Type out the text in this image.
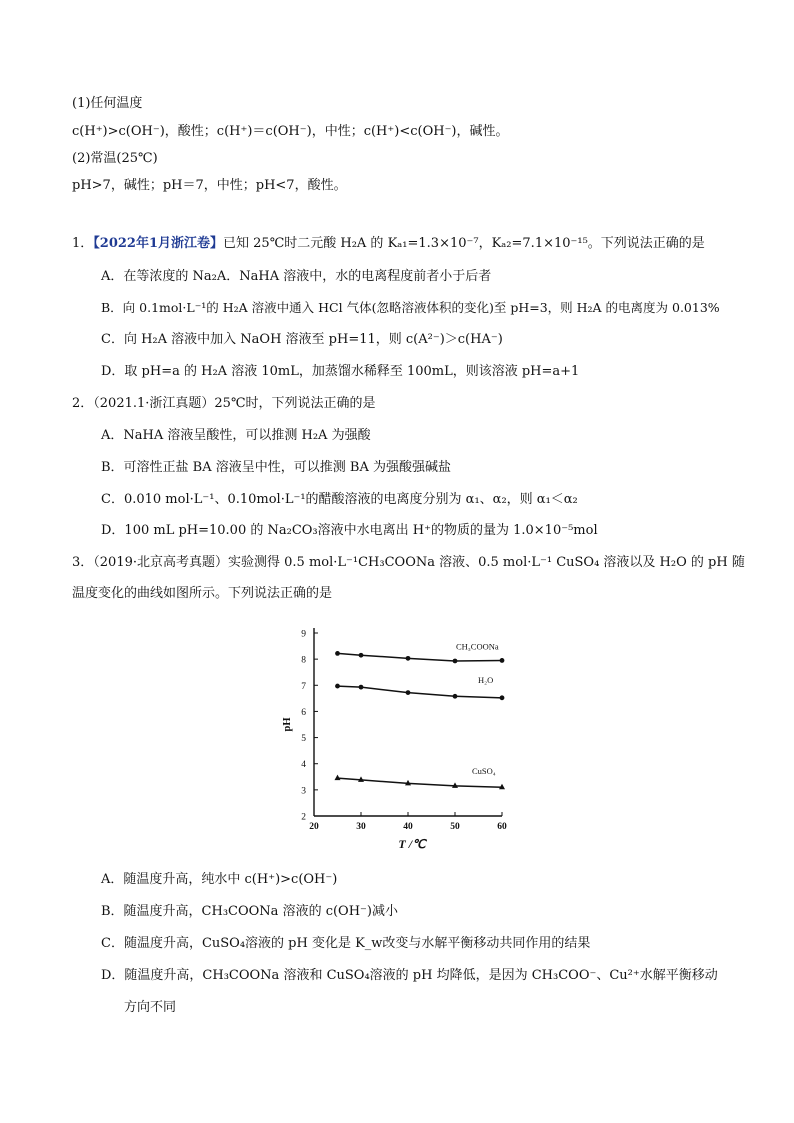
(1)任何温度
c(H⁺)>c(OH⁻)，酸性；c(H⁺)＝c(OH⁻)，中性；c(H⁺)<c(OH⁻)，碱性。
(2)常温(25℃)
pH>7，碱性；pH＝7，中性；pH<7，酸性。
1．【2022年1月浙江卷】已知 25℃时二元酸 H₂A 的 Kₐ₁=1.3×10⁻⁷，Kₐ₂=7.1×10⁻¹⁵。下列说法正确的是
A．在等浓度的 Na₂A．NaHA 溶液中，水的电离程度前者小于后者
B．向 0.1mol·L⁻¹的 H₂A 溶液中通入 HCl 气体(忽略溶液体积的变化)至 pH=3，则 H₂A 的电离度为 0.013%
C．向 H₂A 溶液中加入 NaOH 溶液至 pH=11，则 c(A²⁻)＞c(HA⁻)
D．取 pH=a 的 H₂A 溶液 10mL，加蒸馏水稀释至 100mL，则该溶液 pH=a+1
2．（2021.1·浙江真题）25℃时，下列说法正确的是
A．NaHA 溶液呈酸性，可以推测 H₂A 为强酸
B．可溶性正盐 BA 溶液呈中性，可以推测 BA 为强酸强碱盐
C．0.010 mol·L⁻¹、0.10mol·L⁻¹的醋酸溶液的电离度分别为 α₁、α₂，则 α₁＜α₂
D．100 mL pH=10.00 的 Na₂CO₃溶液中水电离出 H⁺的物质的量为 1.0×10⁻⁵mol
3．（2019·北京高考真题）实验测得 0.5 mol·L⁻¹CH₃COONa 溶液、0.5 mol·L⁻¹ CuSO₄ 溶液以及 H₂O 的 pH 随
温度变化的曲线如图所示。下列说法正确的是
2
3
4
5
6
7
8
9
20	30	40	50	60
T /℃
pH
CH₃COONa
H₂O
CuSO₄
A．随温度升高，纯水中 c(H⁺)>c(OH⁻)
B．随温度升高，CH₃COONa 溶液的 c(OH⁻)减小
C．随温度升高，CuSO₄溶液的 pH 变化是 K_w改变与水解平衡移动共同作用的结果
D．随温度升高，CH₃COONa 溶液和 CuSO₄溶液的 pH 均降低，是因为 CH₃COO⁻、Cu²⁺水解平衡移动
方向不同
